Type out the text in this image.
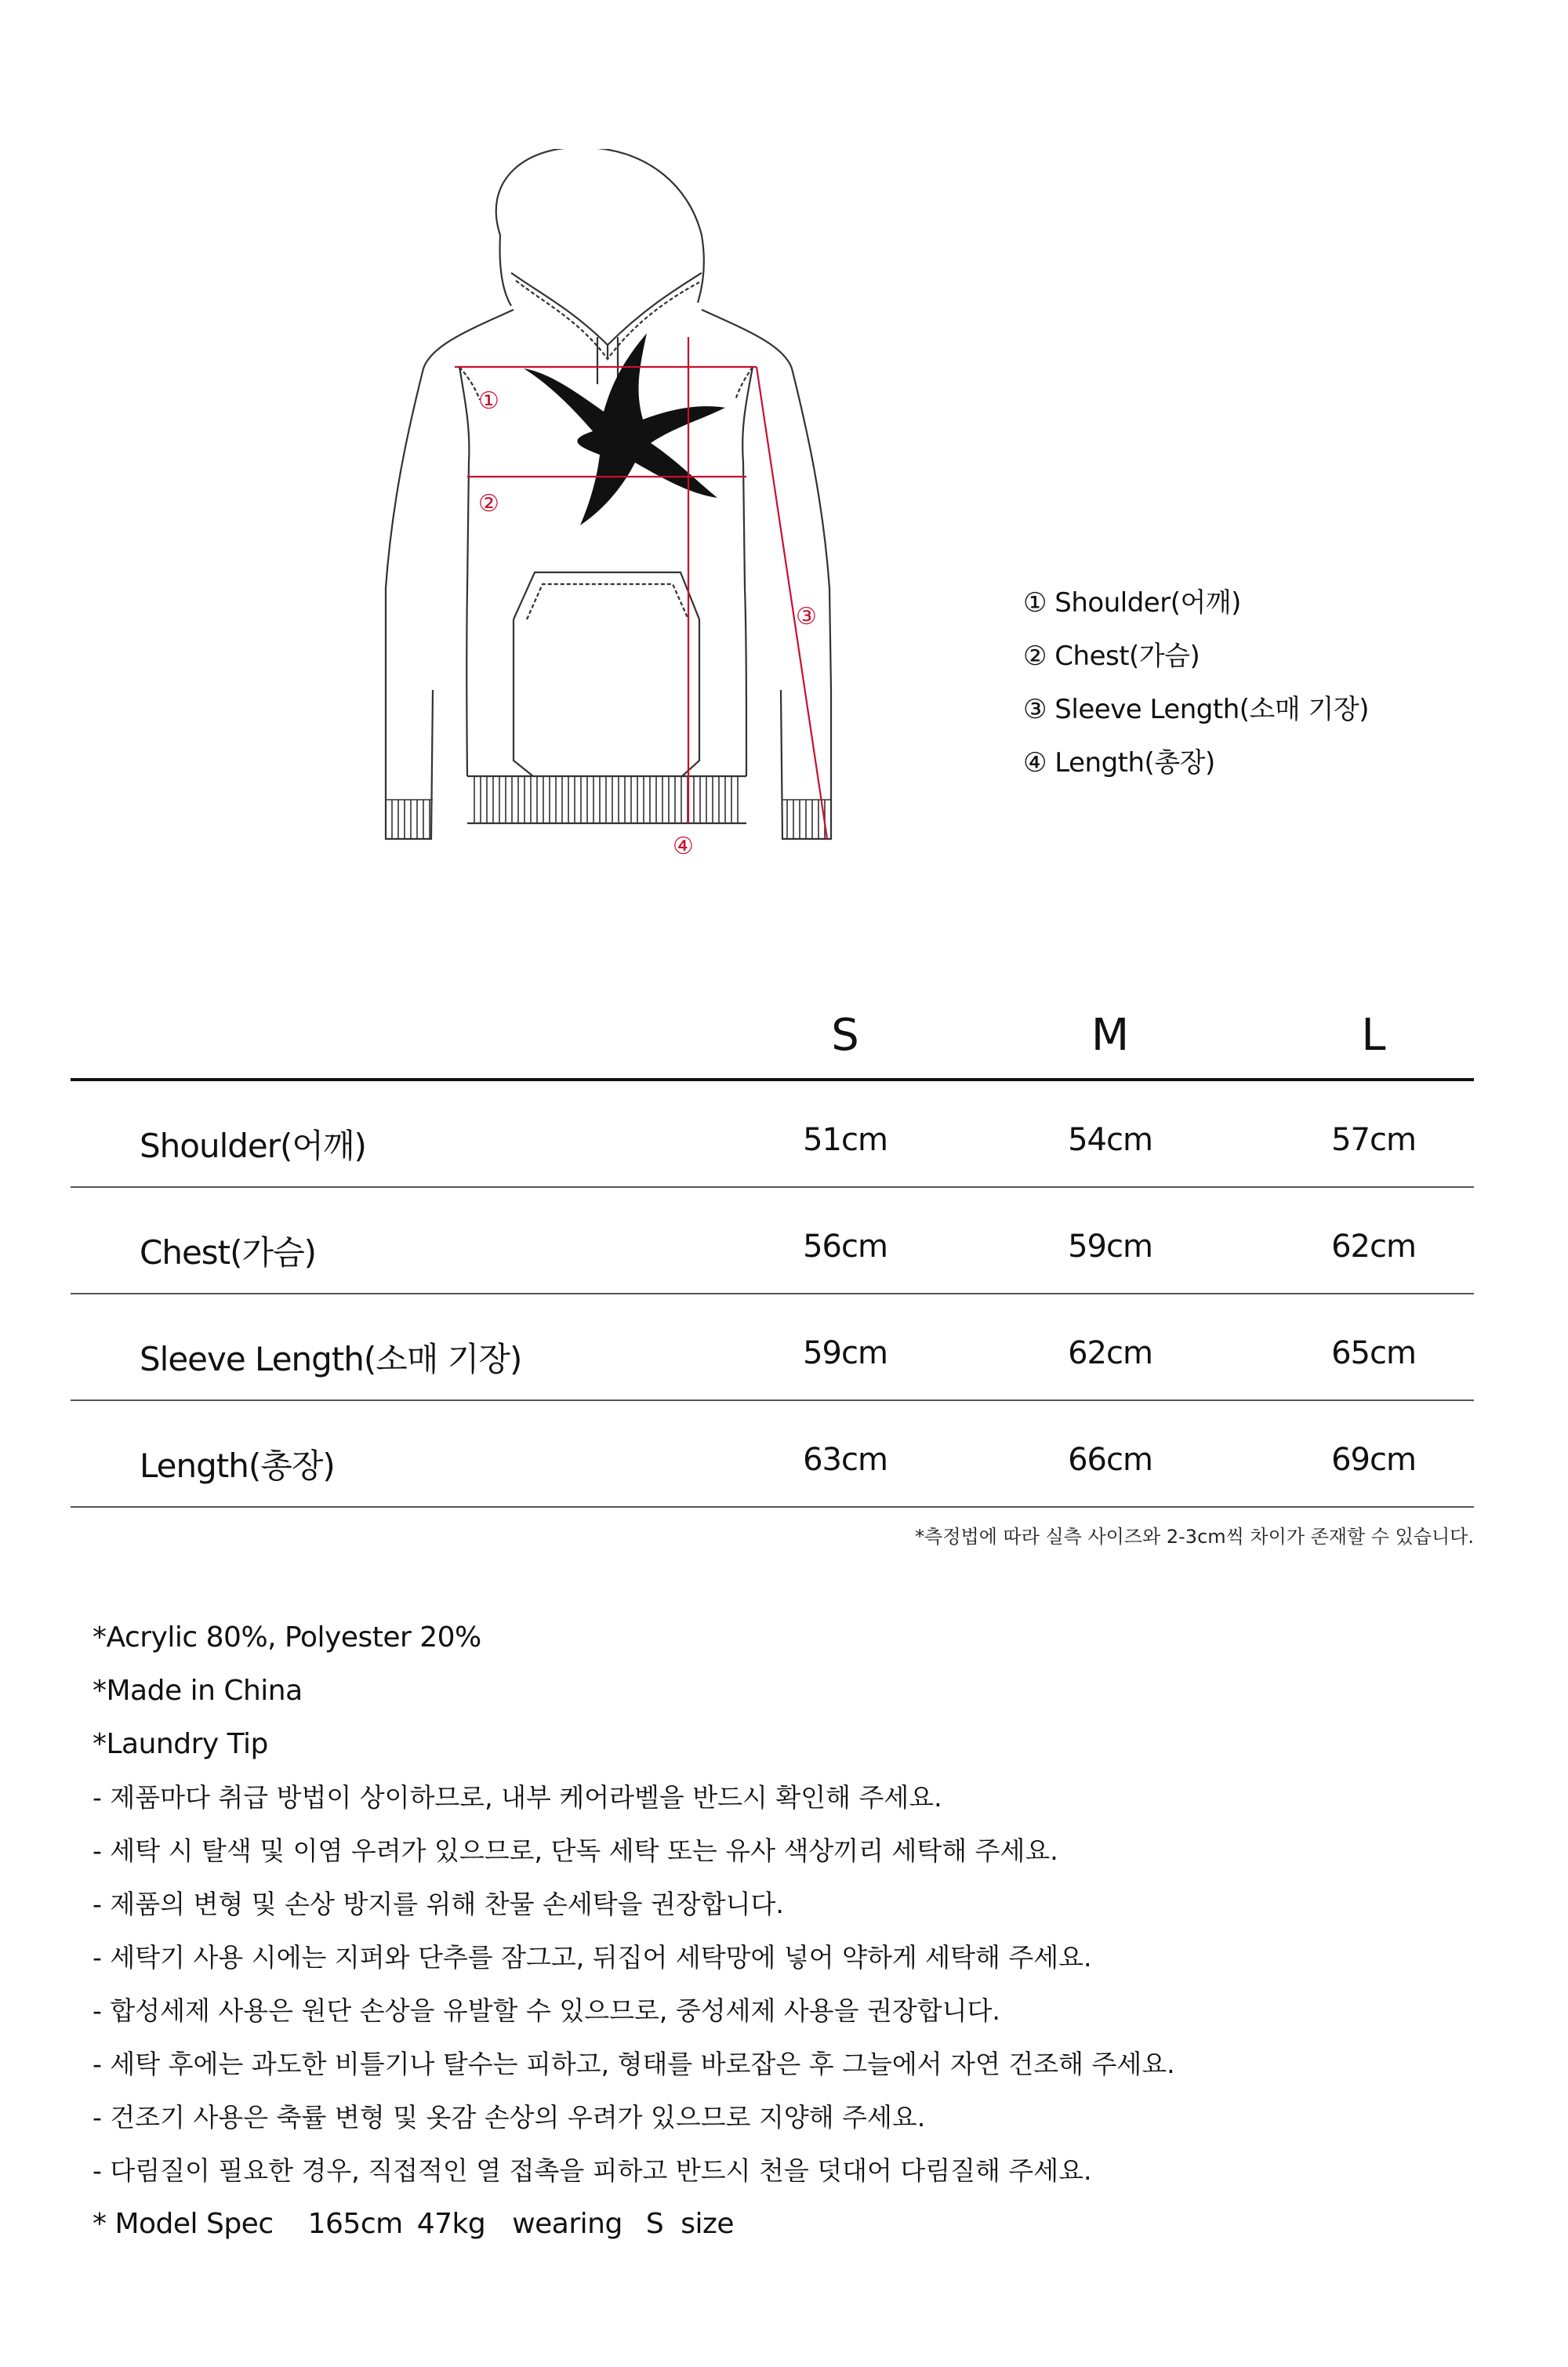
①
②
③
④
① Shoulder(어깨)
② Chest(가슴)
③ Sleeve Length(소매 기장)
④ Length(총장)
S	M	L
Shoulder(어깨)	51cm	54cm	57cm
Chest(가슴)	56cm	59cm	62cm
Sleeve Length(소매 기장)	59cm	62cm	65cm
Length(총장)	63cm	66cm	69cm
*측정법에 따라 실측 사이즈와 2-3cm씩 차이가 존재할 수 있습니다.
*Acrylic 80%, Polyester 20%
*Made in China
*Laundry Tip
- 제품마다 취급 방법이 상이하므로, 내부 케어라벨을 반드시 확인해 주세요.
- 세탁 시 탈색 및 이염 우려가 있으므로, 단독 세탁 또는 유사 색상끼리 세탁해 주세요.
- 제품의 변형 및 손상 방지를 위해 찬물 손세탁을 권장합니다.
- 세탁기 사용 시에는 지퍼와 단추를 잠그고, 뒤집어 세탁망에 넣어 약하게 세탁해 주세요.
- 합성세제 사용은 원단 손상을 유발할 수 있으므로, 중성세제 사용을 권장합니다.
- 세탁 후에는 과도한 비틀기나 탈수는 피하고, 형태를 바로잡은 후 그늘에서 자연 건조해 주세요.
- 건조기 사용은 축률 변형 및 옷감 손상의 우려가 있으므로 지양해 주세요.
- 다림질이 필요한 경우, 직접적인 열 접촉을 피하고 반드시 천을 덧대어 다림질해 주세요.
* Model Spec 165cm 47kg wearing S size
